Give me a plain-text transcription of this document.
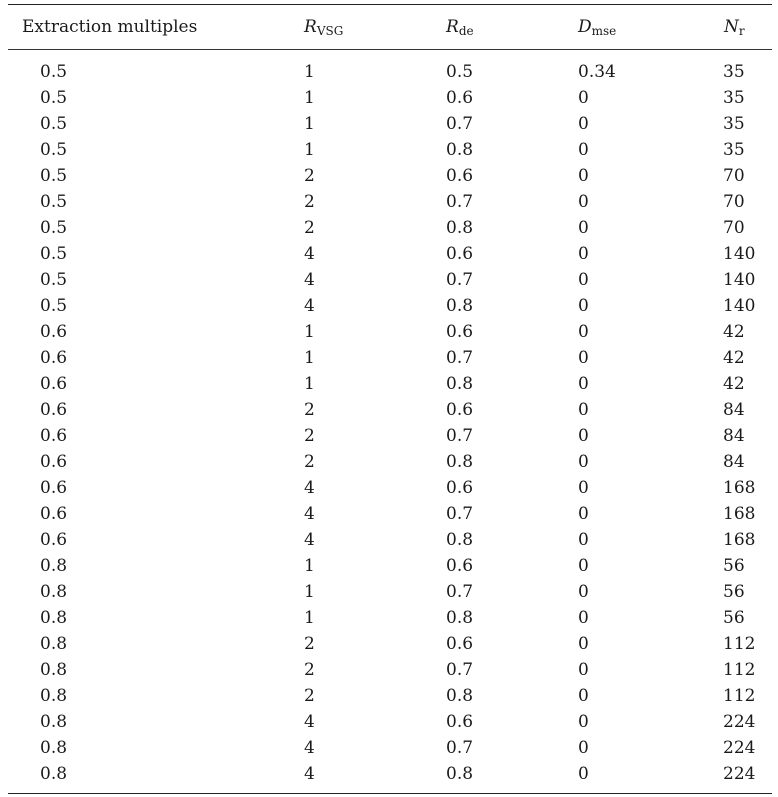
Extraction multiples	$R_{VSG}$	$R_{de}$	$D_{mse}$	$N_r$
0.5	1	0.5	0.34	35
0.5	1	0.6	0	35
0.5	1	0.7	0	35
0.5	1	0.8	0	35
0.5	2	0.6	0	70
0.5	2	0.7	0	70
0.5	2	0.8	0	70
0.5	4	0.6	0	140
0.5	4	0.7	0	140
0.5	4	0.8	0	140
0.6	1	0.6	0	42
0.6	1	0.7	0	42
0.6	1	0.8	0	42
0.6	2	0.6	0	84
0.6	2	0.7	0	84
0.6	2	0.8	0	84
0.6	4	0.6	0	168
0.6	4	0.7	0	168
0.6	4	0.8	0	168
0.8	1	0.6	0	56
0.8	1	0.7	0	56
0.8	1	0.8	0	56
0.8	2	0.6	0	112
0.8	2	0.7	0	112
0.8	2	0.8	0	112
0.8	4	0.6	0	224
0.8	4	0.7	0	224
0.8	4	0.8	0	224
